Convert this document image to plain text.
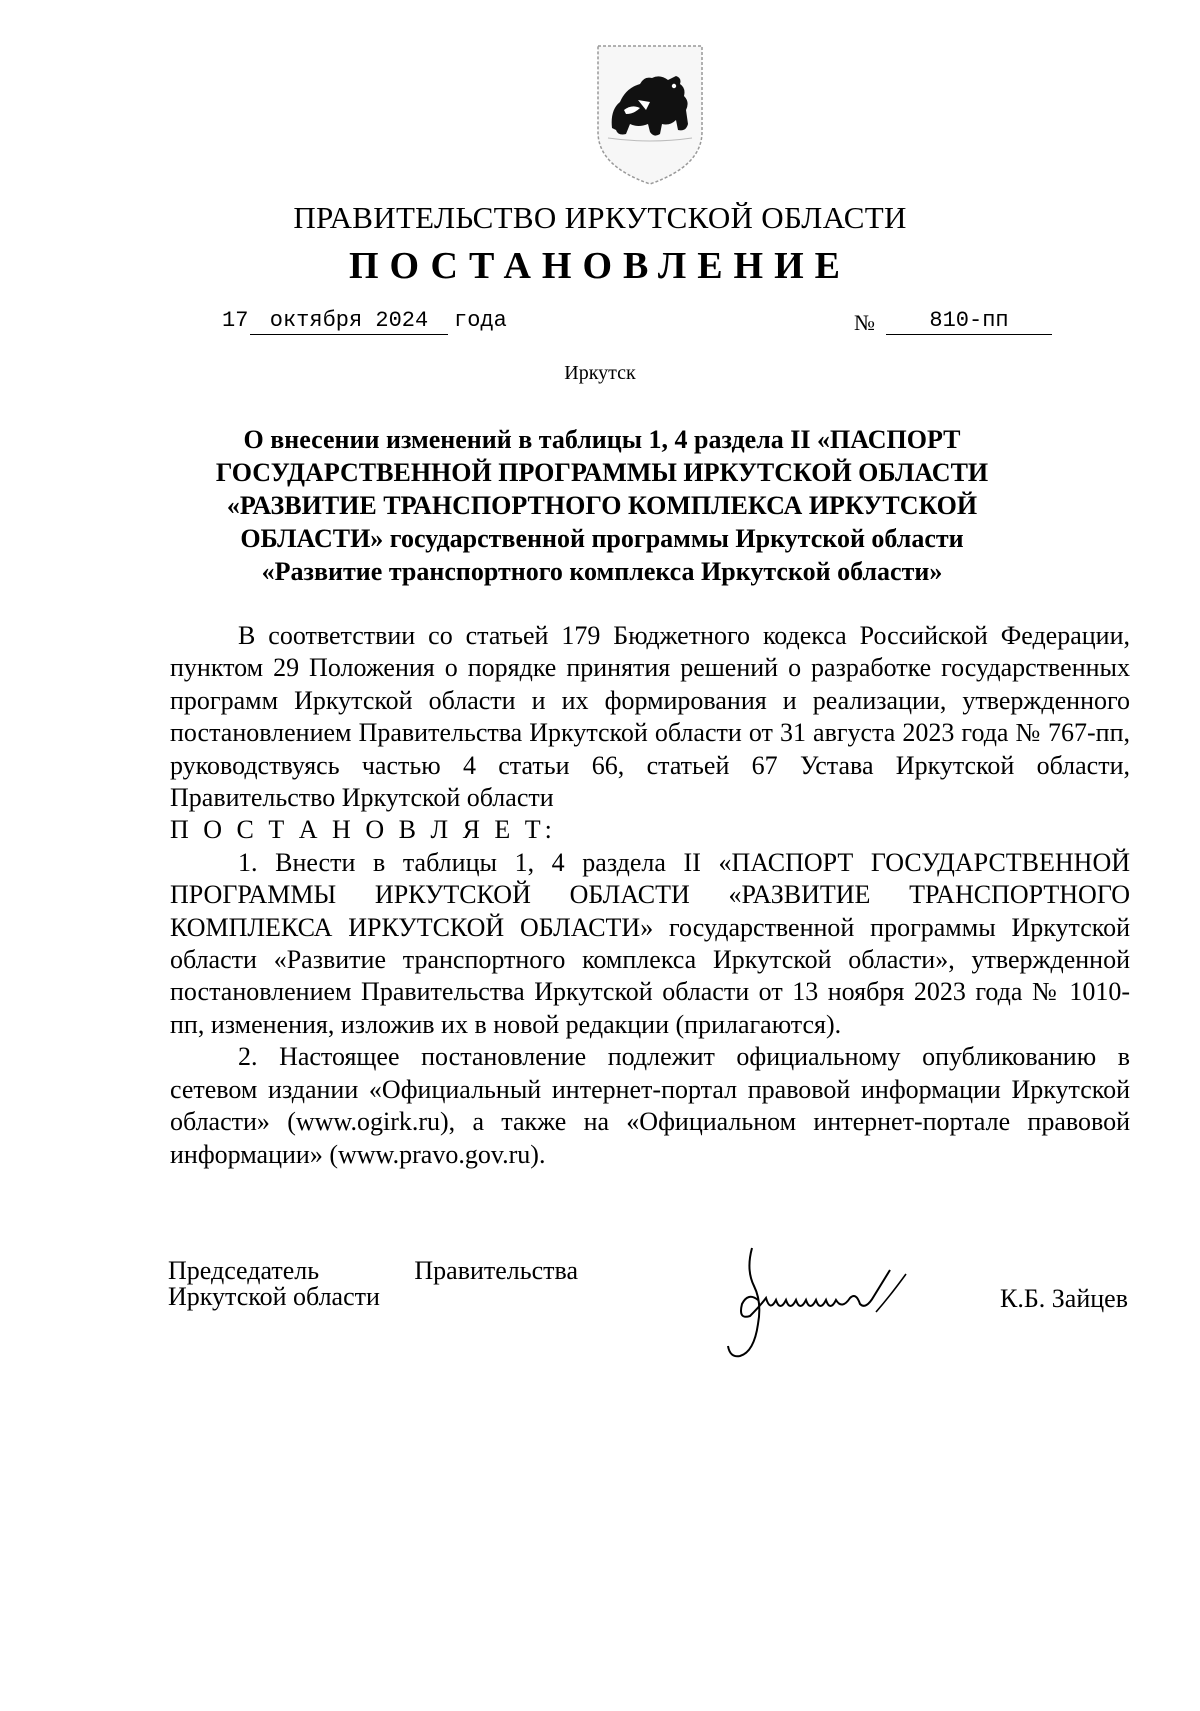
ПРАВИТЕЛЬСТВО ИРКУТСКОЙ ОБЛАСТИ
ПОСТАНОВЛЕНИЕ
17 октября 2024	года	№	810-пп
Иркутск
О внесении изменений в таблицы 1, 4 раздела II «ПАСПОРТ ГОСУДАРСТВЕННОЙ ПРОГРАММЫ ИРКУТСКОЙ ОБЛАСТИ «РАЗВИТИЕ ТРАНСПОРТНОГО КОМПЛЕКСА ИРКУТСКОЙ ОБЛАСТИ» государственной программы Иркутской области «Развитие транспортного комплекса Иркутской области»

В соответствии со статьей 179 Бюджетного кодекса Российской Федерации, пунктом 29 Положения о порядке принятия решений о разработке государственных программ Иркутской области и их формирования и реализации, утвержденного постановлением Правительства Иркутской области от 31 августа 2023 года № 767-пп, руководствуясь частью 4 статьи 66, статьей 67 Устава Иркутской области, Правительство Иркутской области

П О С Т А Н О В Л Я Е Т:

1. Внести в таблицы 1, 4 раздела II «ПАСПОРТ ГОСУДАРСТВЕННОЙ ПРОГРАММЫ ИРКУТСКОЙ ОБЛАСТИ «РАЗВИТИЕ ТРАНСПОРТНОГО КОМПЛЕКСА ИРКУТСКОЙ ОБЛАСТИ» государственной программы Иркутской области «Развитие транспортного комплекса Иркутской области», утвержденной постановлением Правительства Иркутской области от 13 ноября 2023 года № 1010-пп, изменения, изложив их в новой редакции (прилагаются).

2. Настоящее постановление подлежит официальному опубликованию в сетевом издании «Официальный интернет-портал правовой информации Иркутской области» (www.ogirk.ru), а также на «Официальном интернет-портале правовой информации» (www.pravo.gov.ru).

Председатель	Правительства
Иркутской области	К.Б. Зайцев
